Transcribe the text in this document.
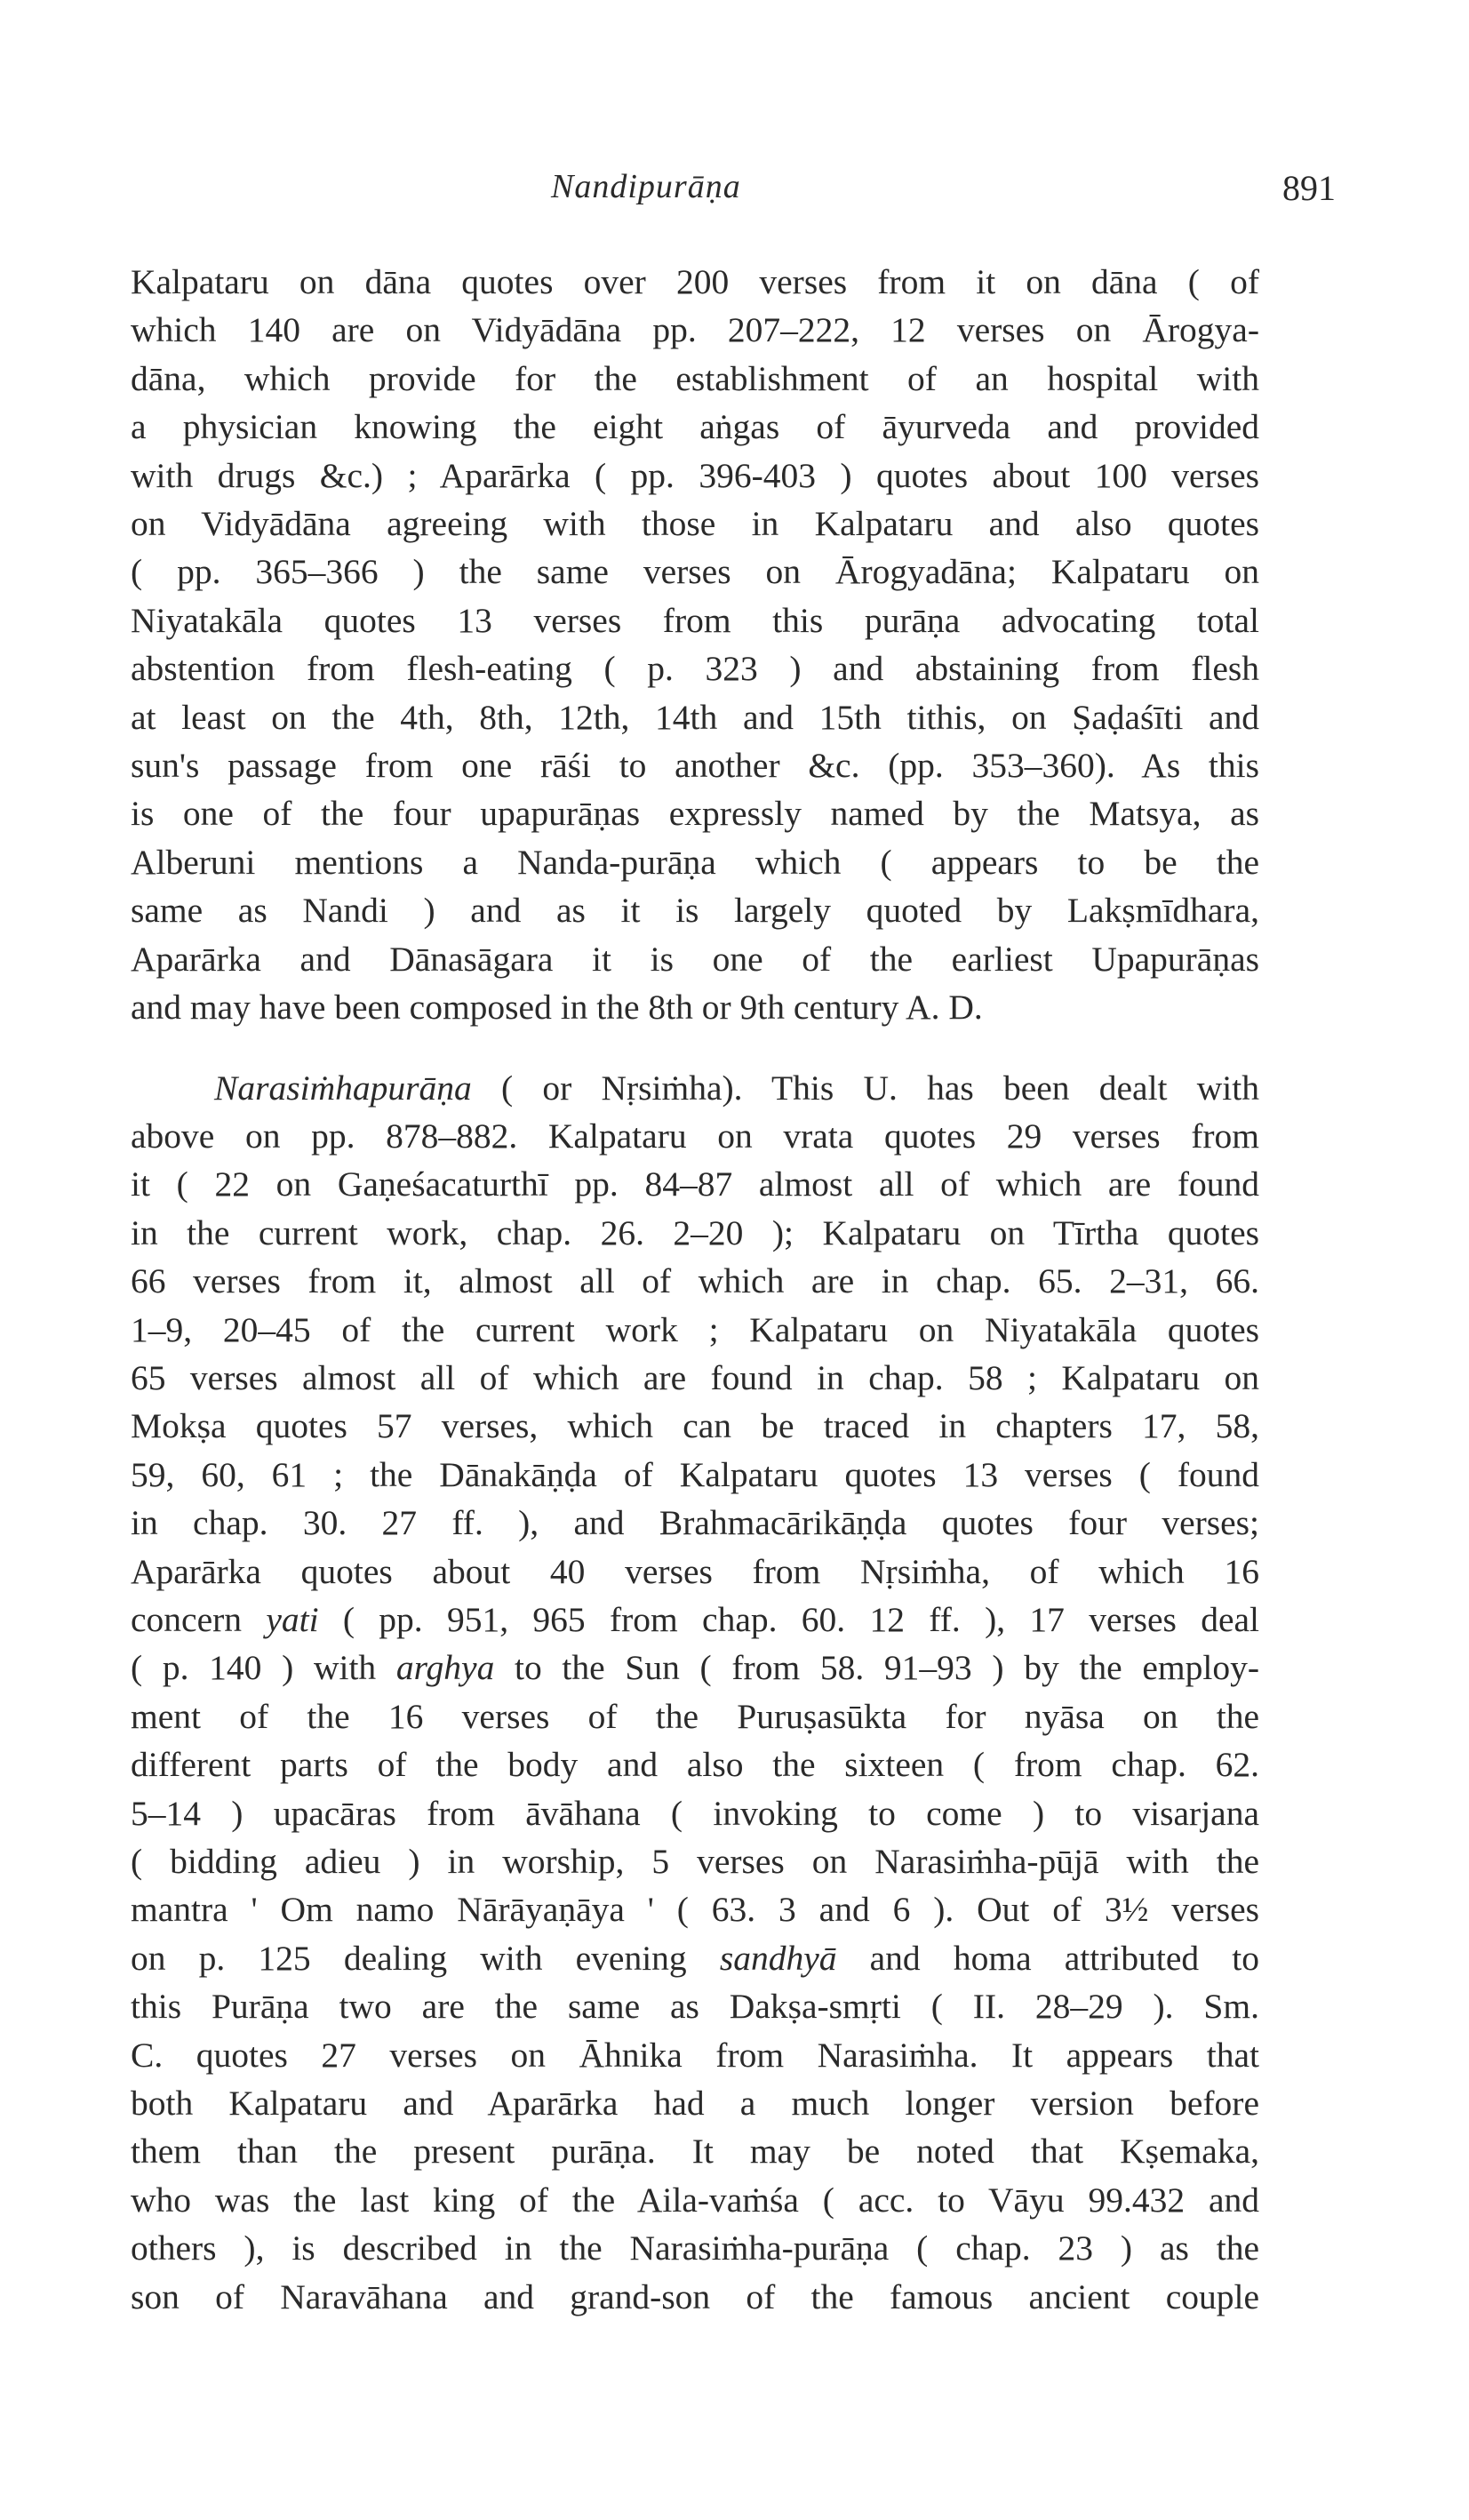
Nandipurāṇa	891

Kalpataru on dāna quotes over 200 verses from it on dāna ( of
which 140 are on Vidyādāna pp. 207–222, 12 verses on Ārogya-
dāna, which provide for the establishment of an hospital with
a physician knowing the eight aṅgas of āyurveda and provided
with drugs &c.) ; Aparārka ( pp. 396-403 ) quotes about 100 verses
on Vidyādāna agreeing with those in Kalpataru and also quotes
( pp. 365–366 ) the same verses on Ārogyadāna; Kalpataru on
Niyatakāla quotes 13 verses from this purāṇa advocating total
abstention from flesh-eating ( p. 323 ) and abstaining from flesh
at least on the 4th, 8th, 12th, 14th and 15th tithis, on Ṣaḍaśīti and
sun's passage from one rāśi to another &c. (pp. 353–360). As this
is one of the four upapurāṇas expressly named by the Matsya, as
Alberuni mentions a Nanda-purāṇa which ( appears to be the
same as Nandi ) and as it is largely quoted by Lakṣmīdhara,
Aparārka and Dānasāgara it is one of the earliest Upapurāṇas
and may have been composed in the 8th or 9th century A. D.

Narasiṁhapurāṇa ( or Nṛsiṁha). This U. has been dealt with
above on pp. 878–882. Kalpataru on vrata quotes 29 verses from
it ( 22 on Gaṇeśacaturthī pp. 84–87 almost all of which are found
in the current work, chap. 26. 2–20 ); Kalpataru on Tīrtha quotes
66 verses from it, almost all of which are in chap. 65. 2–31, 66.
1–9, 20–45 of the current work ; Kalpataru on Niyatakāla quotes
65 verses almost all of which are found in chap. 58 ; Kalpataru on
Mokṣa quotes 57 verses, which can be traced in chapters 17, 58,
59, 60, 61 ; the Dānakāṇḍa of Kalpataru quotes 13 verses ( found
in chap. 30. 27 ff. ), and Brahmacārikāṇḍa quotes four verses;
Aparārka quotes about 40 verses from Nṛsiṁha, of which 16
concern yati ( pp. 951, 965 from chap. 60. 12 ff. ), 17 verses deal
( p. 140 ) with arghya to the Sun ( from 58. 91–93 ) by the employ-
ment of the 16 verses of the Puruṣasūkta for nyāsa on the
different parts of the body and also the sixteen ( from chap. 62.
5–14 ) upacāras from āvāhana ( invoking to come ) to visarjana
( bidding adieu ) in worship, 5 verses on Narasiṁha-pūjā with the
mantra ' Om namo Nārāyaṇāya ' ( 63. 3 and 6 ). Out of 3½ verses
on p. 125 dealing with evening sandhyā and homa attributed to
this Purāṇa two are the same as Dakṣa-smṛti ( II. 28–29 ). Sm.
C. quotes 27 verses on Āhnika from Narasiṁha. It appears that
both Kalpataru and Aparārka had a much longer version before
them than the present purāṇa. It may be noted that Kṣemaka,
who was the last king of the Aila-vaṁśa ( acc. to Vāyu 99.432 and
others ), is described in the Narasiṁha-purāṇa ( chap. 23 ) as the
son of Naravāhana and grand-son of the famous ancient couple
